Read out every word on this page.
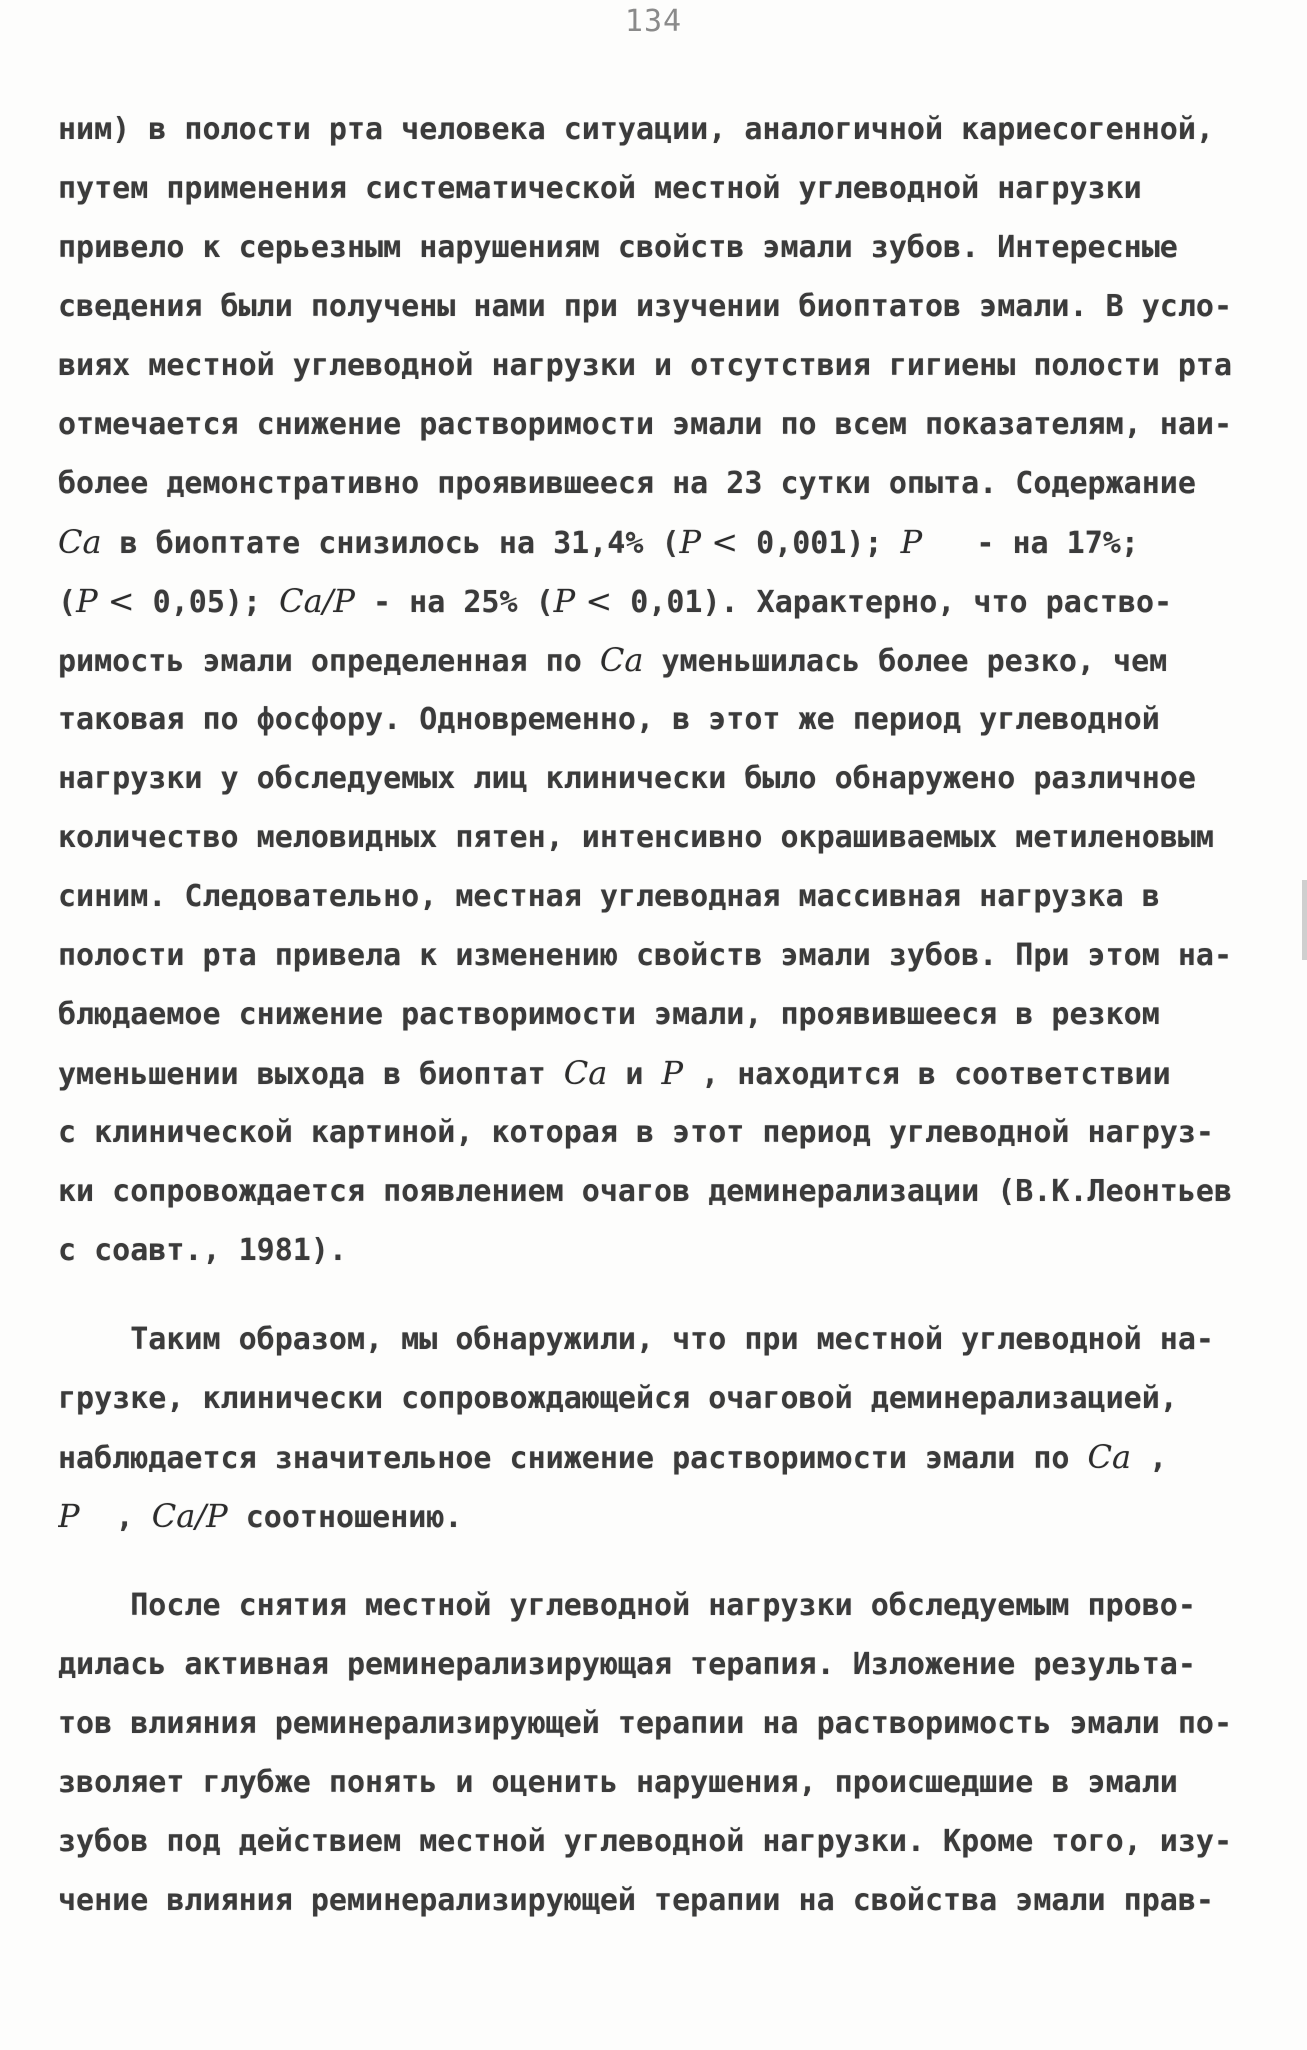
134
ним) в полости рта человека ситуации, аналогичной кариесогенной,
путем применения систематической местной углеводной нагрузки
привело к серьезным нарушениям свойств эмали зубов. Интересные
сведения были получены нами при изучении биоптатов эмали. В усло-
виях местной углеводной нагрузки и отсутствия гигиены полости рта
отмечается снижение растворимости эмали по всем показателям, наи-
более демонстративно проявившееся на 23 сутки опыта. Содержание
Ca в биоптате снизилось на 31,4% (P < 0,001); P   - на 17%;
(P < 0,05); Ca/P - на 25% (P < 0,01). Характерно, что раство-
римость эмали определенная по Ca уменьшилась более резко, чем
таковая по фосфору. Одновременно, в этот же период углеводной
нагрузки у обследуемых лиц клинически было обнаружено различное
количество меловидных пятен, интенсивно окрашиваемых метиленовым
синим. Следовательно, местная углеводная массивная нагрузка в
полости рта привела к изменению свойств эмали зубов. При этом на-
блюдаемое снижение растворимости эмали, проявившееся в резком
уменьшении выхода в биоптат Ca и P , находится в соответствии
с клинической картиной, которая в этот период углеводной нагруз-
ки сопровождается появлением очагов деминерализации (В.К.Леонтьев
с соавт., 1981).
Таким образом, мы обнаружили, что при местной углеводной на-
грузке, клинически сопровождающейся очаговой деминерализацией,
наблюдается значительное снижение растворимости эмали по Ca ,
P  , Ca/P соотношению.
После снятия местной углеводной нагрузки обследуемым прово-
дилась активная реминерализирующая терапия. Изложение результа-
тов влияния реминерализирующей терапии на растворимость эмали по-
зволяет глубже понять и оценить нарушения, происшедшие в эмали
зубов под действием местной углеводной нагрузки. Кроме того, изу-
чение влияния реминерализирующей терапии на свойства эмали прав-
